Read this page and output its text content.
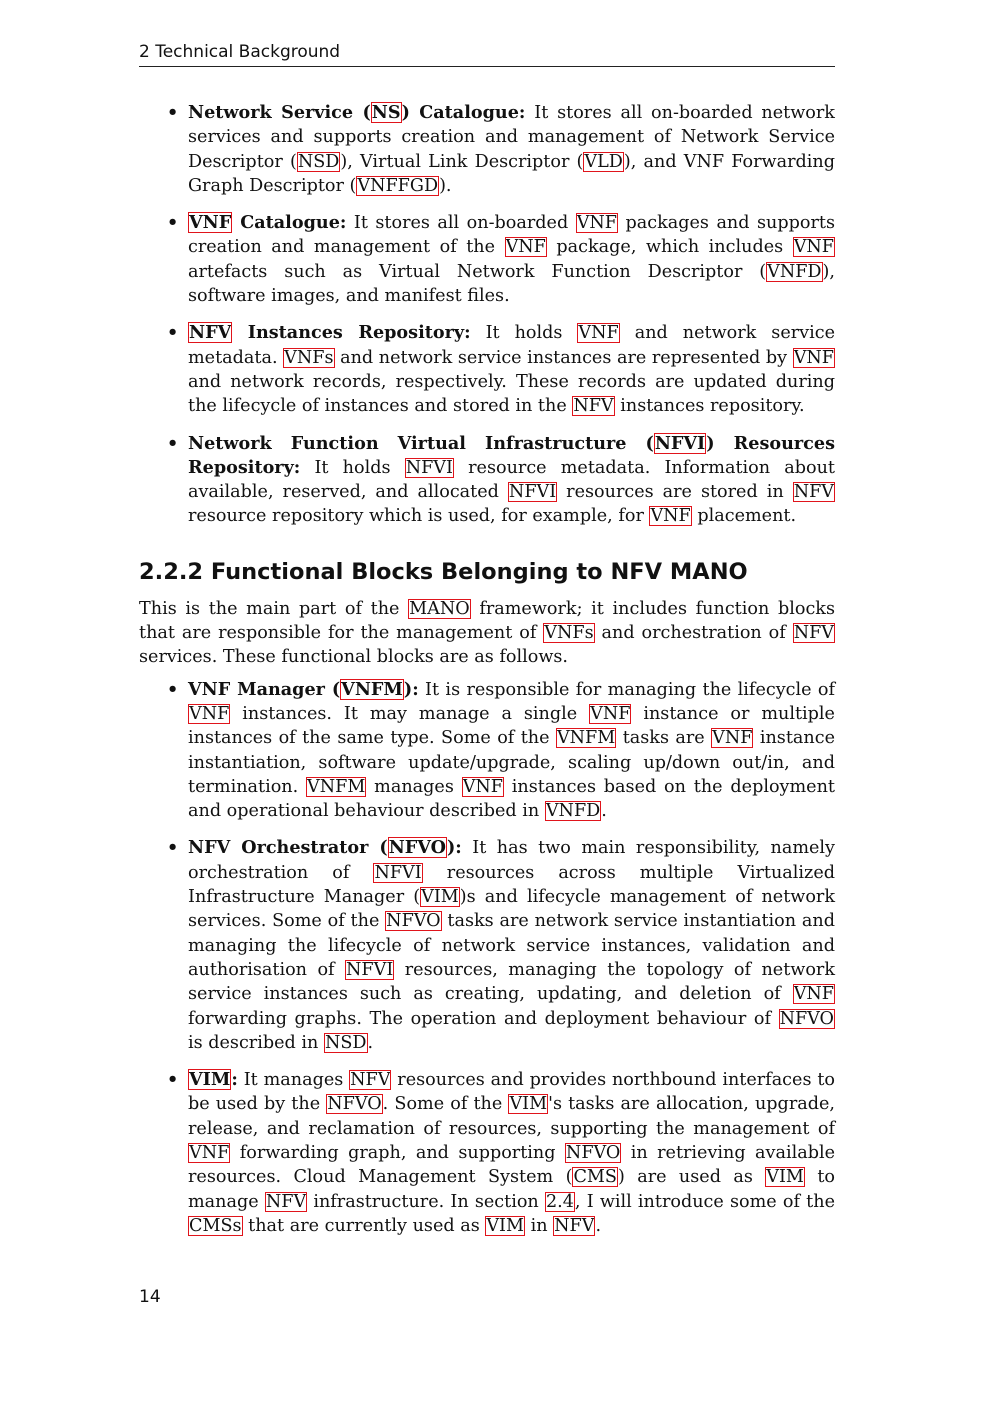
2 Technical Background
• Network Service (NS) Catalogue: It stores all on-boarded network services and supports creation and management of Network Service Descriptor (NSD), Virtual Link Descriptor (VLD), and VNF Forwarding Graph Descriptor (VNFFGD).
• VNF Catalogue: It stores all on-boarded VNF packages and supports creation and management of the VNF package, which includes VNF artefacts such as Virtual Network Function Descriptor (VNFD), software images, and manifest files.
• NFV Instances Repository: It holds VNF and network service metadata. VNFs and network service instances are represented by VNF and network records, respectively. These records are updated during the lifecycle of instances and stored in the NFV instances repository.
• Network Function Virtual Infrastructure (NFVI) Resources Repository: It holds NFVI resource metadata. Information about available, reserved, and allocated NFVI resources are stored in NFV resource repository which is used, for example, for VNF placement.
2.2.2 Functional Blocks Belonging to NFV MANO

This is the main part of the MANO framework; it includes function blocks that are responsible for the management of VNFs and orchestration of NFV services. These functional blocks are as follows.

• VNF Manager (VNFM): It is responsible for managing the lifecycle of VNF instances. It may manage a single VNF instance or multiple instances of the same type. Some of the VNFM tasks are VNF instance instantiation, software update/upgrade, scaling up/down out/in, and termination. VNFM manages VNF instances based on the deployment and operational behaviour described in VNFD.
• NFV Orchestrator (NFVO): It has two main responsibility, namely orchestration of NFVI resources across multiple Virtualized Infrastructure Manager (VIM)s and lifecycle management of network services. Some of the NFVO tasks are network service instantiation and managing the lifecycle of network service instances, validation and authorisation of NFVI resources, managing the topology of network service instances such as creating, updating, and deletion of VNF forwarding graphs. The operation and deployment behaviour of NFVO is described in NSD.
• VIM: It manages NFV resources and provides northbound interfaces to be used by the NFVO. Some of the VIM's tasks are allocation, upgrade, release, and reclamation of resources, supporting the management of VNF forwarding graph, and supporting NFVO in retrieving available resources. Cloud Management System (CMS) are used as VIM to manage NFV infrastructure. In section 2.4, I will introduce some of the CMSs that are currently used as VIM in NFV.
14
